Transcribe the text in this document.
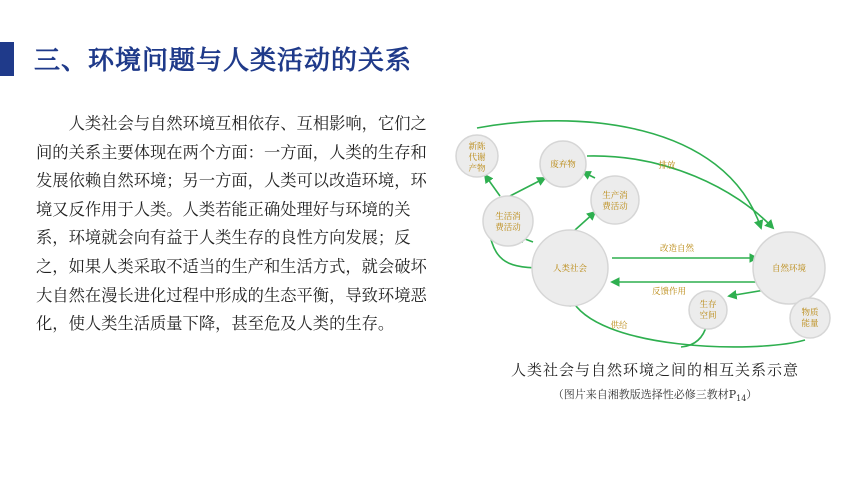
三、环境问题与人类活动的关系
人类社会与自然环境互相依存、互相影响，它们之间的关系主要体现在两个方面：一方面，人类的生存和发展依赖自然环境；另一方面，人类可以改造环境，环境又反作用于人类。人类若能正确处理好与环境的关系，环境就会向有益于人类生存的良性方向发展；反之，如果人类采取不适当的生产和生活方式，就会破坏大自然在漫长进化过程中形成的生态平衡，导致环境恶化，使人类生活质量下降，甚至危及人类的生存。
新陈
代谢
产物	废弃物
生产消
费活动
生活消
费活动
人类社会	自然环境
生存
空间	物质
能量
排放
改造自然
反馈作用
供给
人类社会与自然环境之间的相互关系示意
（图片来自湘教版选择性必修三教材$P_{14}$）
